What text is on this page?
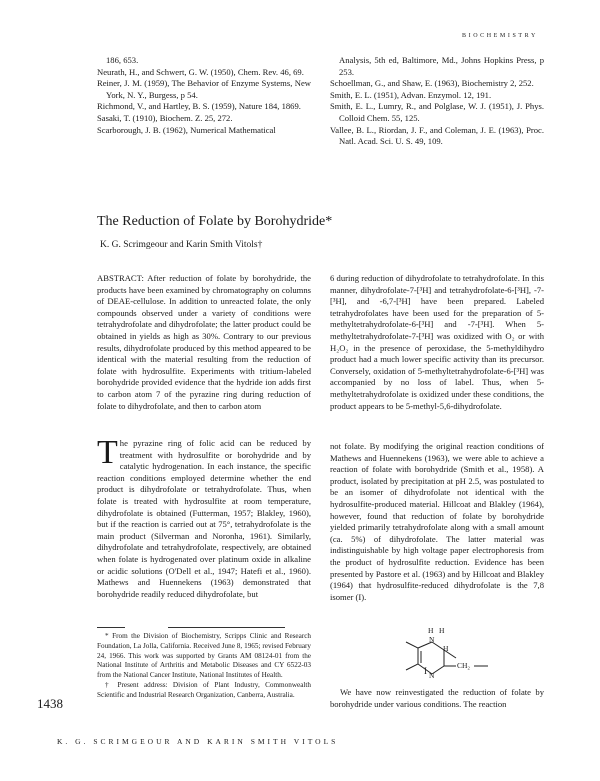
BIOCHEMISTRY

186, 653.

Neurath, H., and Schwert, G. W. (1950), Chem. Rev. 46, 69.

Reiner, J. M. (1959), The Behavior of Enzyme Systems, New York, N. Y., Burgess, p 54.

Richmond, V., and Hartley, B. S. (1959), Nature 184, 1869.

Sasaki, T. (1910), Biochem. Z. 25, 272.

Scarborough, J. B. (1962), Numerical Mathematical

Analysis, 5th ed, Baltimore, Md., Johns Hopkins Press, p 253.

Schoellman, G., and Shaw, E. (1963), Biochemistry 2, 252.

Smith, E. L. (1951), Advan. Enzymol. 12, 191.

Smith, E. L., Lumry, R., and Polglase, W. J. (1951), J. Phys. Colloid Chem. 55, 125.

Vallee, B. L., Riordan, J. F., and Coleman, J. E. (1963), Proc. Natl. Acad. Sci. U. S. 49, 109.

The Reduction of Folate by Borohydride*
K. G. Scrimgeour and Karin Smith Vitols†
ABSTRACT: After reduction of folate by borohydride, the products have been examined by chromatography on columns of DEAE-cellulose. In addition to unreacted folate, the only compounds observed under a variety of conditions were tetrahydrofolate and dihydrofolate; the latter product could be obtained in yields as high as 30%. Contrary to our previous results, dihydrofolate produced by this method appeared to be identical with the material resulting from the reduction of folate with hydrosulfite. Experiments with tritium-labeled borohydride provided evidence that the hydride ion adds first to carbon atom 7 of the pyrazine ring during reduction of folate to dihydrofolate, and then to carbon atom
6 during reduction of dihydrofolate to tetrahydrofolate. In this manner, dihydrofolate-7-[³H] and tetrahydrofolate-6-[³H], -7-[³H], and -6,7-[³H] have been prepared. Labeled tetrahydrofolates have been used for the preparation of 5-methyltetrahydrofolate-6-[³H] and -7-[³H]. When 5-methyltetrahydrofolate-7-[³H] was oxidized with O₂ or with H₂O₂ in the presence of peroxidase, the 5-methyldihydro product had a much lower specific activity than its precursor. Conversely, oxidation of 5-methyltetrahydrofolate-6-[³H] was accompanied by no loss of label. Thus, when 5-methyltetrahydrofolate is oxidized under these conditions, the product appears to be 5-methyl-5,6-dihydrofolate.
T he pyrazine ring of folic acid can be reduced by treatment with hydrosulfite or borohydride and by catalytic hydrogenation. In each instance, the specific reaction conditions employed determine whether the end product is dihydrofolate or tetrahydrofolate. Thus, when folate is treated with hydrosulfite at room temperature, dihydrofolate is obtained (Futterman, 1957; Blakley, 1960), but if the reaction is carried out at 75°, tetrahydrofolate is the main product (Silverman and Noronha, 1961). Similarly, dihydrofolate and tetrahydrofolate, respectively, are obtained when folate is hydrogenated over platinum oxide in alkaline or acidic solutions (O'Dell et al., 1947; Hatefi et al., 1960). Mathews and Huennekens (1963) demonstrated that borohydride readily reduced dihydrofolate, but
not folate. By modifying the original reaction conditions of Mathews and Huennekens (1963), we were able to achieve a reaction of folate with borohydride (Smith et al., 1958). A product, isolated by precipitation at pH 2.5, was postulated to be an isomer of dihydrofolate not identical with the hydrosulfite-produced material. Hillcoat and Blakley (1964), however, found that reduction of folate by borohydride yielded primarily tetrahydrofolate along with a small amount (ca. 5%) of dihydrofolate. The latter material was indistinguishable by high voltage paper electrophoresis from the product of hydrosulfite reduction. Evidence has been presented by Pastore et al. (1963) and by Hillcoat and Blakley (1964) that hydrosulfite-reduced dihydrofolate is the 7,8 isomer (I).
H H
N
H
CH₂
N
I
We have now reinvestigated the reduction of folate by borohydride under various conditions. The reaction

* From the Division of Biochemistry, Scripps Clinic and Research Foundation, La Jolla, California. Received June 8, 1965; revised February 24, 1966. This work was supported by Grants AM 08124-01 from the National Institute of Arthritis and Metabolic Diseases and CY 6522-03 from the National Cancer Institute, National Institutes of Health.

† Present address: Division of Plant Industry, Commonwealth Scientific and Industrial Research Organization, Canberra, Australia.

1438
K. G. SCRIMGEOUR AND KARIN SMITH VITOLS
